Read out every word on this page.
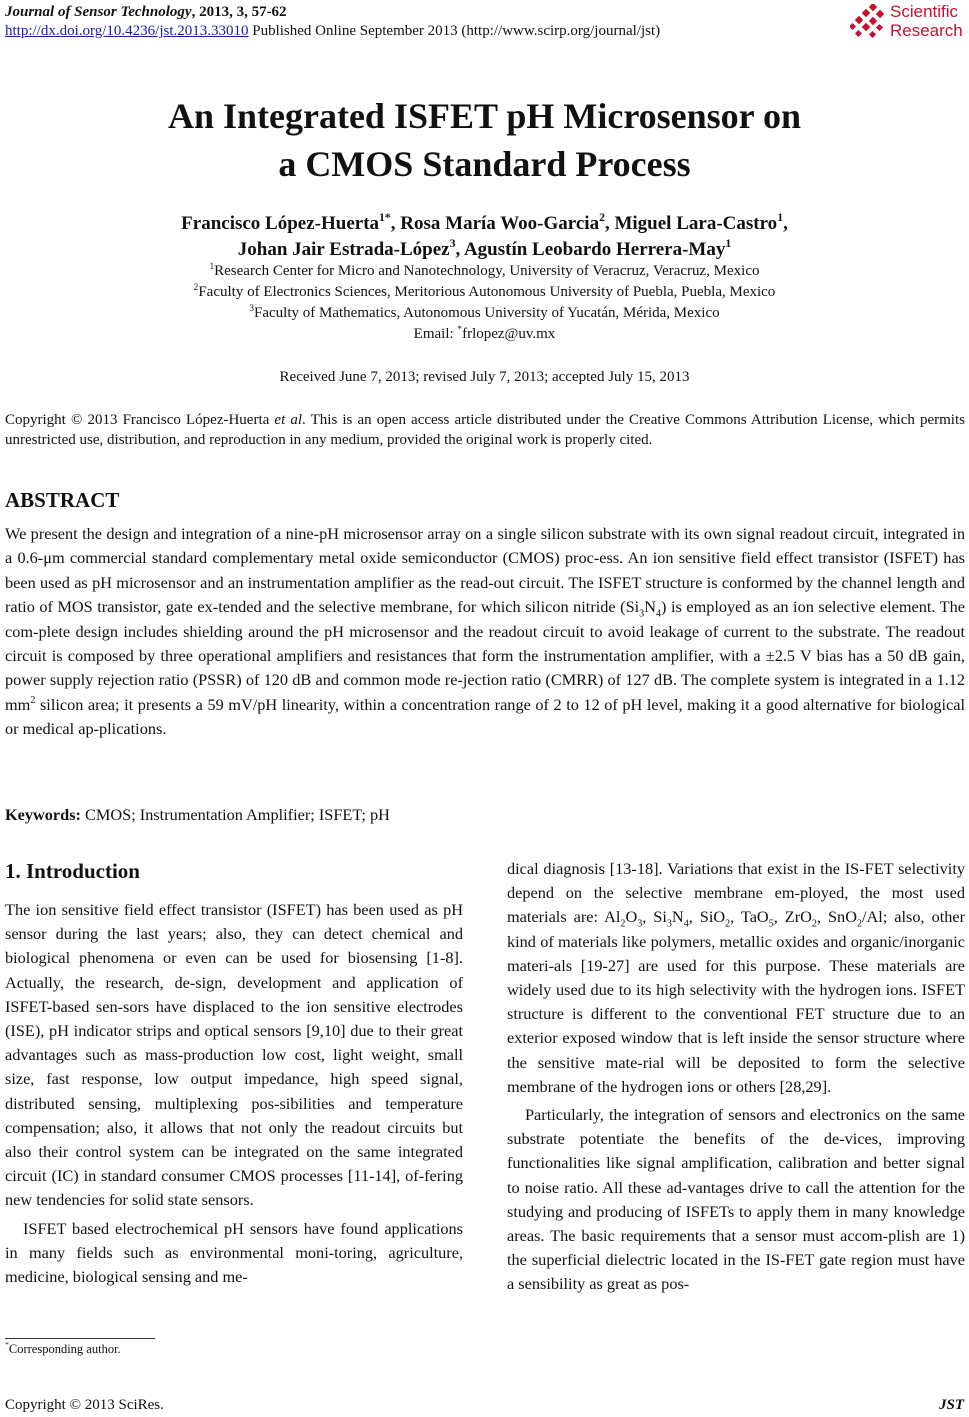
Journal of Sensor Technology, 2013, 3, 57-62
http://dx.doi.org/10.4236/jst.2013.33010 Published Online September 2013 (http://www.scirp.org/journal/jst)
Scientific
Research
An Integrated ISFET pH Microsensor on
a CMOS Standard Process
Francisco López-Huerta$^{1*}$, Rosa María Woo-Garcia$^2$, Miguel Lara-Castro$^1$,
Johan Jair Estrada-López$^3$, Agustín Leobardo Herrera-May$^1$
$^1$Research Center for Micro and Nanotechnology, University of Veracruz, Veracruz, Mexico
$^2$Faculty of Electronics Sciences, Meritorious Autonomous University of Puebla, Puebla, Mexico
$^3$Faculty of Mathematics, Autonomous University of Yucatán, Mérida, Mexico
Email: *frlopez@uv.mx
Received June 7, 2013; revised July 7, 2013; accepted July 15, 2013
Copyright © 2013 Francisco López-Huerta et al. This is an open access article distributed under the Creative Commons Attribution License, which permits unrestricted use, distribution, and reproduction in any medium, provided the original work is properly cited.
ABSTRACT
We present the design and integration of a nine-pH microsensor array on a single silicon substrate with its own signal readout circuit, integrated in a 0.6-μm commercial standard complementary metal oxide semiconductor (CMOS) proc-ess. An ion sensitive field effect transistor (ISFET) has been used as pH microsensor and an instrumentation amplifier as the read-out circuit. The ISFET structure is conformed by the channel length and ratio of MOS transistor, gate ex-tended and the selective membrane, for which silicon nitride $(Si_3N_4)$ is employed as an ion selective element. The com-plete design includes shielding around the pH microsensor and the readout circuit to avoid leakage of current to the substrate. The readout circuit is composed by three operational amplifiers and resistances that form the instrumentation amplifier, with a ±2.5 V bias has a 50 dB gain, power supply rejection ratio (PSSR) of 120 dB and common mode re-jection ratio (CMRR) of 127 dB. The complete system is integrated in a 1.12 $mm^2$ silicon area; it presents a 59 mV/pH linearity, within a concentration range of 2 to 12 of pH level, making it a good alternative for biological or medical ap-plications.
Keywords: CMOS; Instrumentation Amplifier; ISFET; pH
1. Introduction

The ion sensitive field effect transistor (ISFET) has been used as pH sensor during the last years; also, they can detect chemical and biological phenomena or even can be used for biosensing [1-8]. Actually, the research, de-sign, development and application of ISFET-based sen-sors have displaced to the ion sensitive electrodes (ISE), pH indicator strips and optical sensors [9,10] due to their great advantages such as mass-production low cost, light weight, small size, fast response, low output impedance, high speed signal, distributed sensing, multiplexing pos-sibilities and temperature compensation; also, it allows that not only the readout circuits but also their control system can be integrated on the same integrated circuit (IC) in standard consumer CMOS processes [11-14], of-fering new tendencies for solid state sensors.

ISFET based electrochemical pH sensors have found applications in many fields such as environmental moni-toring, agriculture, medicine, biological sensing and me-

dical diagnosis [13-18]. Variations that exist in the IS-FET selectivity depend on the selective membrane em-ployed, the most used materials are: $Al_2O_3$, $Si_3N_4$, SiO$_2$, TaO$_5$, ZrO$_2$, SnO$_2$/Al; also, other kind of materials like polymers, metallic oxides and organic/inorganic materi-als [19-27] are used for this purpose. These materials are widely used due to its high selectivity with the hydrogen ions. ISFET structure is different to the conventional FET structure due to an exterior exposed window that is left inside the sensor structure where the sensitive mate-rial will be deposited to form the selective membrane of the hydrogen ions or others [28,29].

Particularly, the integration of sensors and electronics on the same substrate potentiate the benefits of the de-vices, improving functionalities like signal amplification, calibration and better signal to noise ratio. All these ad-vantages drive to call the attention for the studying and producing of ISFETs to apply them in many knowledge areas. The basic requirements that a sensor must accom-plish are 1) the superficial dielectric located in the IS-FET gate region must have a sensibility as great as pos-

*Corresponding author.
Copyright © 2013 SciRes.	JST
